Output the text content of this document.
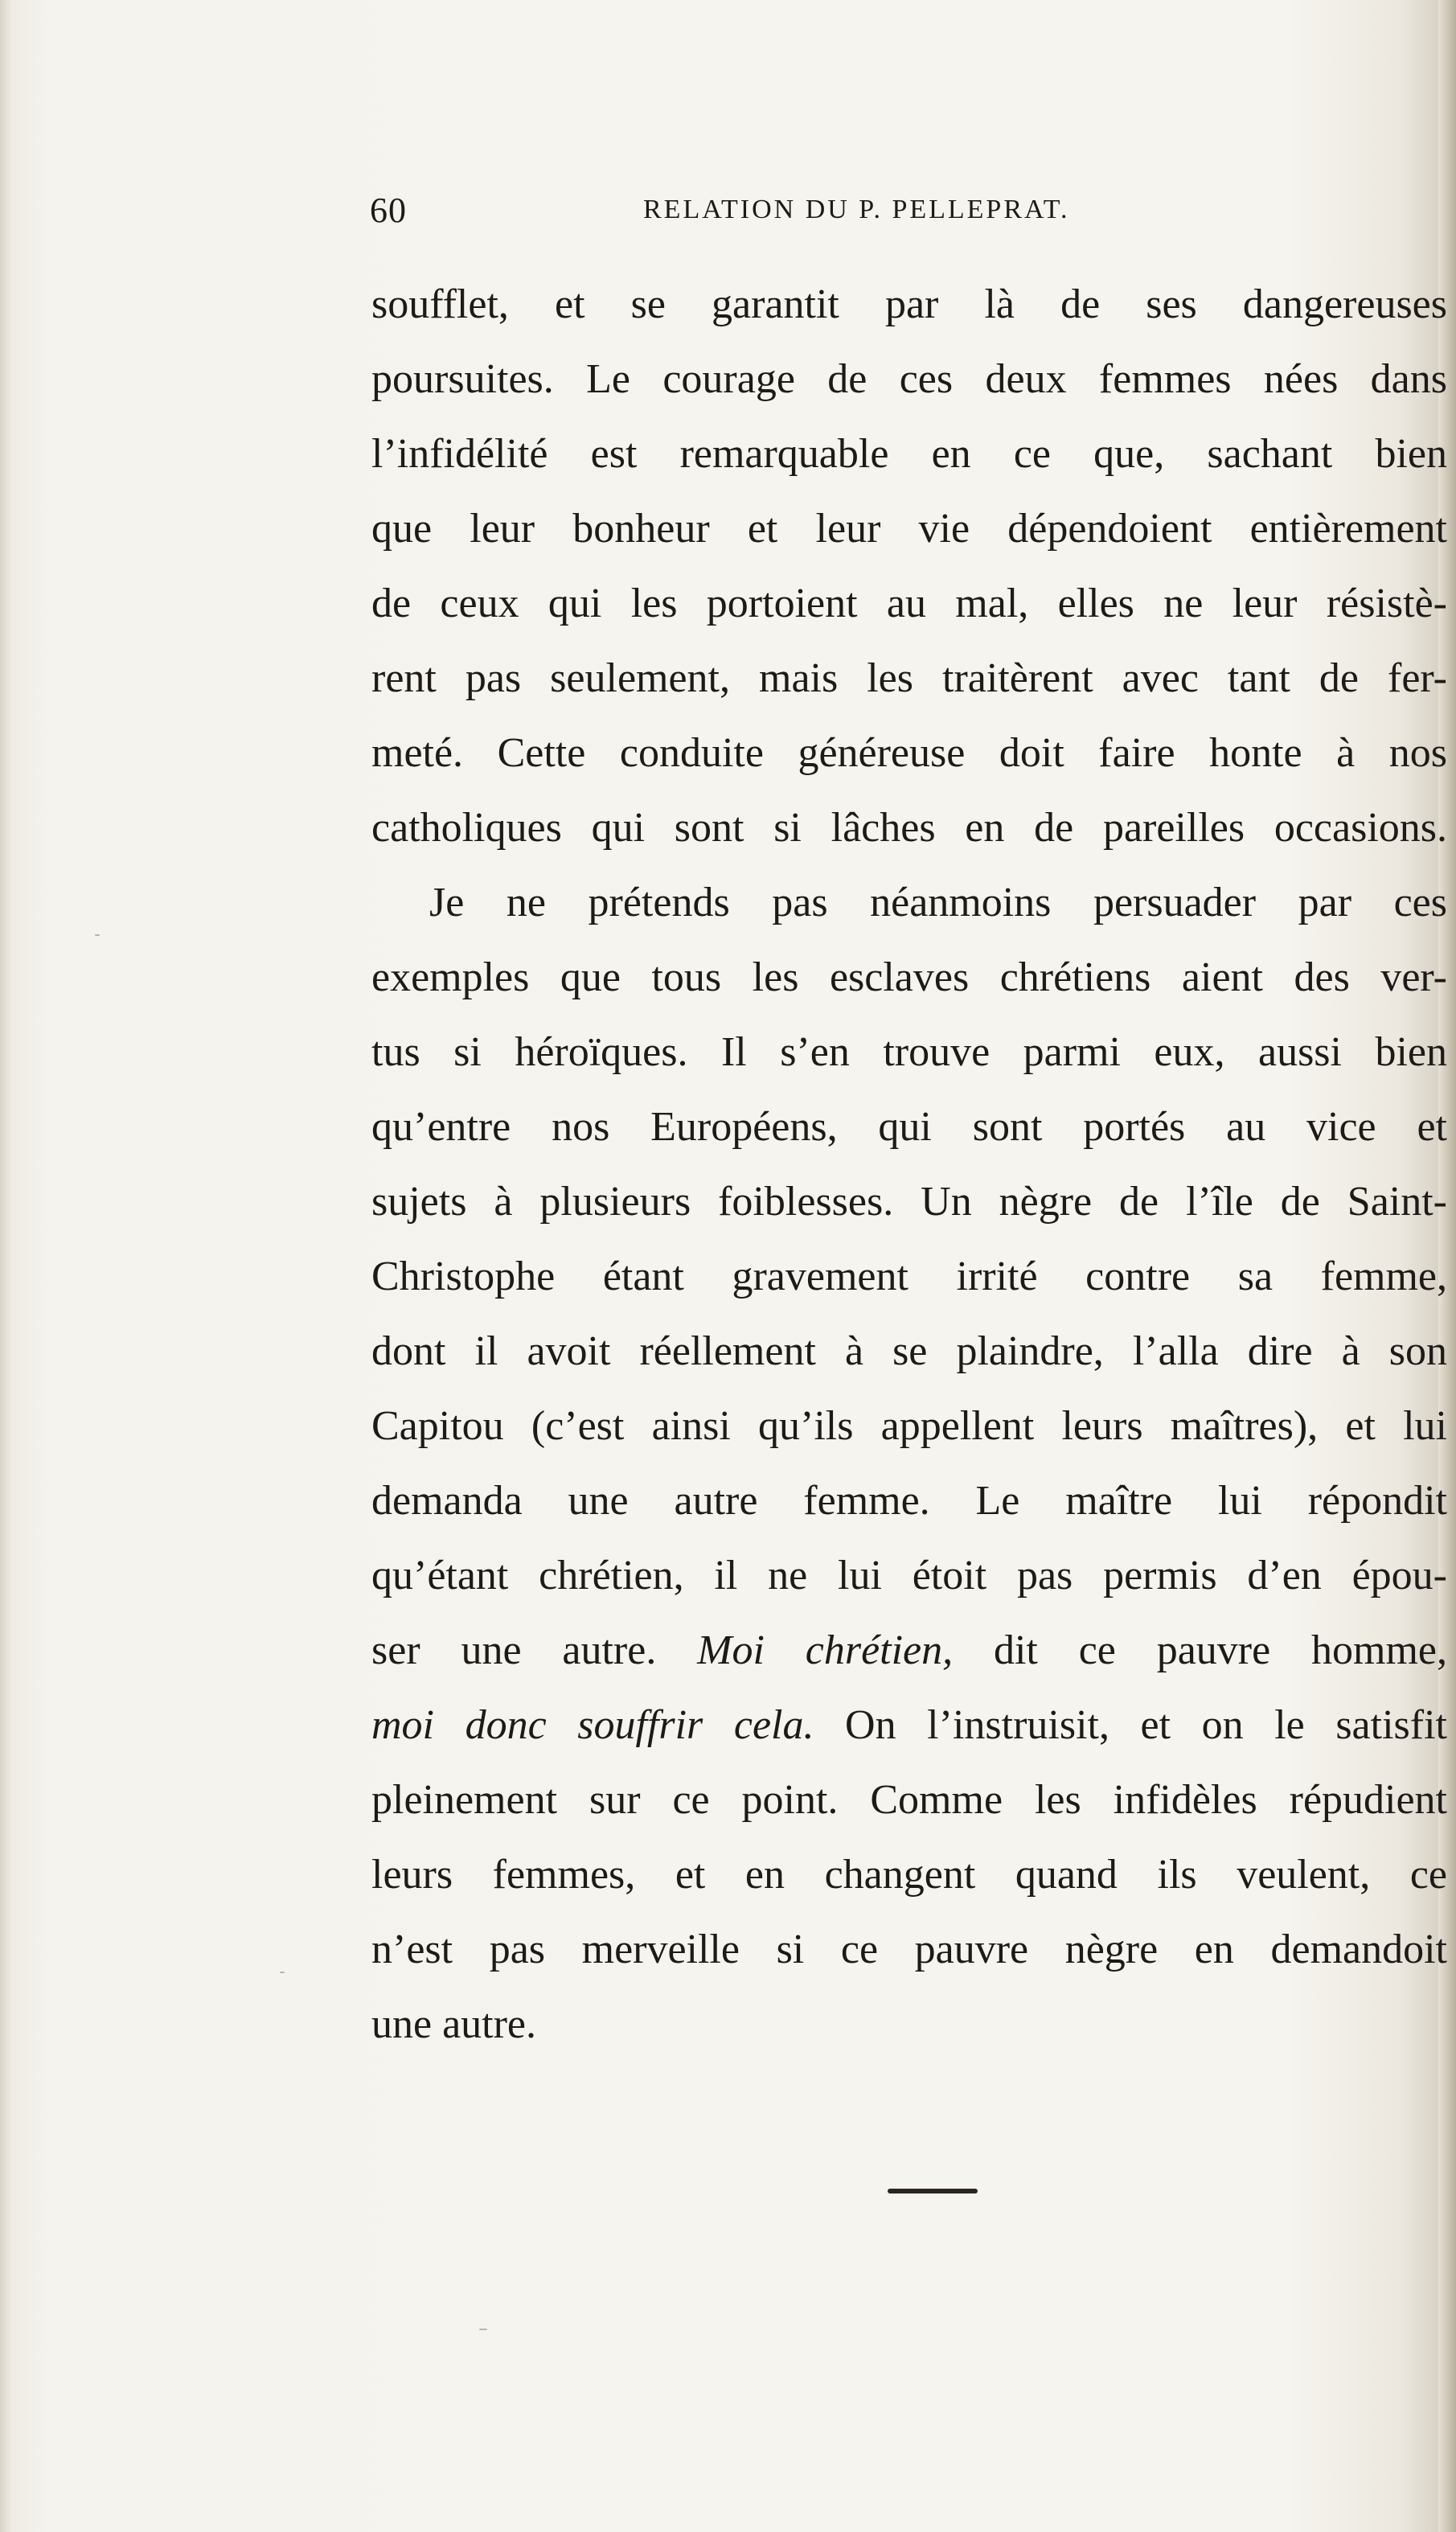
60	RELATION DU P. PELLEPRAT.
soufflet, et se garantit par là de ses dangereuses
poursuites. Le courage de ces deux femmes nées dans
l’infidélité est remarquable en ce que, sachant bien
que leur bonheur et leur vie dépendoient entièrement
de ceux qui les portoient au mal, elles ne leur résistè-
rent pas seulement, mais les traitèrent avec tant de fer-
meté. Cette conduite généreuse doit faire honte à nos
catholiques qui sont si lâches en de pareilles occasions.
Je ne prétends pas néanmoins persuader par ces
exemples que tous les esclaves chrétiens aient des ver-
tus si héroïques. Il s’en trouve parmi eux, aussi bien
qu’entre nos Européens, qui sont portés au vice et
sujets à plusieurs foiblesses. Un nègre de l’île de Saint-
Christophe étant gravement irrité contre sa femme,
dont il avoit réellement à se plaindre, l’alla dire à son
Capitou (c’est ainsi qu’ils appellent leurs maîtres), et lui
demanda une autre femme. Le maître lui répondit
qu’étant chrétien, il ne lui étoit pas permis d’en épou-
ser une autre. Moi chrétien, dit ce pauvre homme,
moi donc souffrir cela. On l’instruisit, et on le satisfit
pleinement sur ce point. Comme les infidèles répudient
leurs femmes, et en changent quand ils veulent, ce
n’est pas merveille si ce pauvre nègre en demandoit
une autre.
